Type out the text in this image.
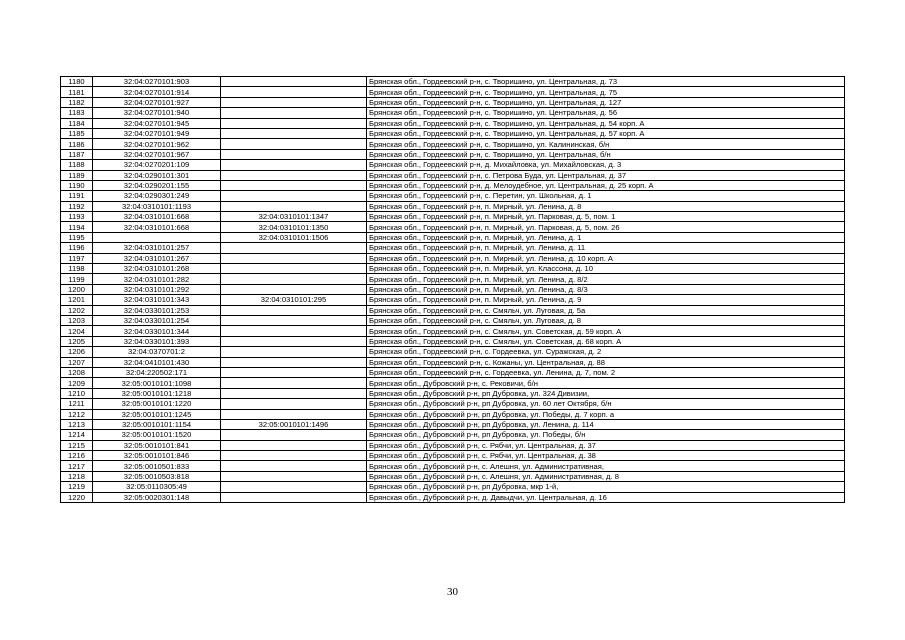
1180	32:04:0270101:903		Брянская обл., Гордеевский р-н, с. Творишино, ул. Центральная, д. 73
1181	32:04:0270101:914		Брянская обл., Гордеевский р-н, с. Творишино, ул. Центральная, д. 75
1182	32:04:0270101:927		Брянская обл., Гордеевский р-н, с. Творишино, ул. Центральная, д. 127
1183	32:04:0270101:940		Брянская обл., Гордеевский р-н, с. Творишино, ул. Центральная, д. 56
1184	32:04:0270101:945		Брянская обл., Гордеевский р-н, с. Творишино, ул. Центральная, д. 54 корп. А
1185	32:04:0270101:949		Брянская обл., Гордеевский р-н, с. Творишино, ул. Центральная, д. 57 корп. А
1186	32:04:0270101:962		Брянская обл., Гордеевский р-н, с. Творишино, ул. Калининская, б/н
1187	32:04:0270101:967		Брянская обл., Гордеевский р-н, с. Творишино, ул. Центральная, б/н
1188	32:04:0270201:109		Брянская обл., Гордеевский р-н, д. Михайловка, ул. Михайловская, д. 3
1189	32:04:0290101:301		Брянская обл., Гордеевский р-н, с. Петрова Буда, ул. Центральная, д. 37
1190	32:04:0290201:155		Брянская обл., Гордеевский р-н, д. Мелоудебное, ул. Центральная, д. 25 корп. А
1191	32:04:0290301:249		Брянская обл., Гордеевский р-н, с. Перетин, ул. Школьная, д. 1
1192	32:04:0310101:1193		Брянская обл., Гордеевский р-н, п. Мирный, ул. Ленина, д. 8
1193	32:04:0310101:668	32:04:0310101:1347	Брянская обл., Гордеевский р-н, п. Мирный, ул. Парковая, д. 5, пом. 1
1194	32:04:0310101:668	32:04:0310101:1350	Брянская обл., Гордеевский р-н, п. Мирный, ул. Парковая, д. 5, пом. 26
1195		32:04:0310101:1506	Брянская обл., Гордеевский р-н, п. Мирный, ул. Ленина, д. 1
1196	32:04:0310101:257		Брянская обл., Гордеевский р-н, п. Мирный, ул. Ленина, д. 11
1197	32:04:0310101:267		Брянская обл., Гордеевский р-н, п. Мирный, ул. Ленина, д. 10 корп. А
1198	32:04:0310101:268		Брянская обл., Гордеевский р-н, п. Мирный, ул. Классона, д. 10
1199	32:04:0310101:282		Брянская обл., Гордеевский р-н, п. Мирный, ул. Ленина, д. 8/2
1200	32:04:0310101:292		Брянская обл., Гордеевский р-н, п. Мирный, ул. Ленина, д. 8/3
1201	32:04:0310101:343	32:04:0310101:295	Брянская обл., Гордеевский р-н, п. Мирный, ул. Ленина, д. 9
1202	32:04:0330101:253		Брянская обл., Гордеевский р-н, с. Смяльч, ул. Луговая, д. 5а
1203	32:04:0330101:254		Брянская обл., Гордеевский р-н, с. Смяльч, ул. Луговая, д. 8
1204	32:04:0330101:344		Брянская обл., Гордеевский р-н, с. Смяльч, ул. Советская, д. 59 корп. А
1205	32:04:0330101:393		Брянская обл., Гордеевский р-н, с. Смяльч, ул. Советская, д. 68 корп. А
1206	32:04:0370701:2		Брянская обл., Гордеевский р-н, с. Гордеевка, ул. Суражская, д. 2
1207	32:04:0410101:430		Брянская обл., Гордеевский р-н, с. Кожаны, ул. Центральная, д. 88
1208	32:04:220502:171		Брянская обл., Гордеевский р-н, с. Гордеевка, ул. Ленина, д. 7, пом. 2
1209	32:05:0010101:1098		Брянская обл., Дубровский р-н, с. Рековичи, б/н
1210	32:05:0010101:1218		Брянская обл., Дубровский р-н, рп Дубровка, ул. 324 Дивизии,
1211	32:05:0010101:1220		Брянская обл., Дубровский р-н, рп Дубровка, ул. 60 лет Октября, б/н
1212	32:05:0010101:1245		Брянская обл., Дубровский р-н, рп Дубровка, ул. Победы, д. 7 корп. а
1213	32:05:0010101:1154	32:05:0010101:1496	Брянская обл., Дубровский р-н, рп Дубровка, ул. Ленина, д. 114
1214	32:05:0010101:1520		Брянская обл., Дубровский р-н, рп Дубровка, ул. Победы, б/н
1215	32:05:0010101:841		Брянская обл., Дубровский р-н, с. Рябчи, ул. Центральная, д. 37
1216	32:05:0010101:846		Брянская обл., Дубровский р-н, с. Рябчи, ул. Центральная, д. 38
1217	32:05:0010501:833		Брянская обл., Дубровский р-н, с. Алешня, ул. Административная,
1218	32:05:0010503:818		Брянская обл., Дубровский р-н, с. Алешня, ул. Административная, д. 8
1219	32:05:0110305:49		Брянская обл., Дубровский р-н, рп Дубровка, мкр 1-й,
1220	32:05:0020301:148		Брянская обл., Дубровский р-н, д. Давыдчи, ул. Центральная, д. 16
30
